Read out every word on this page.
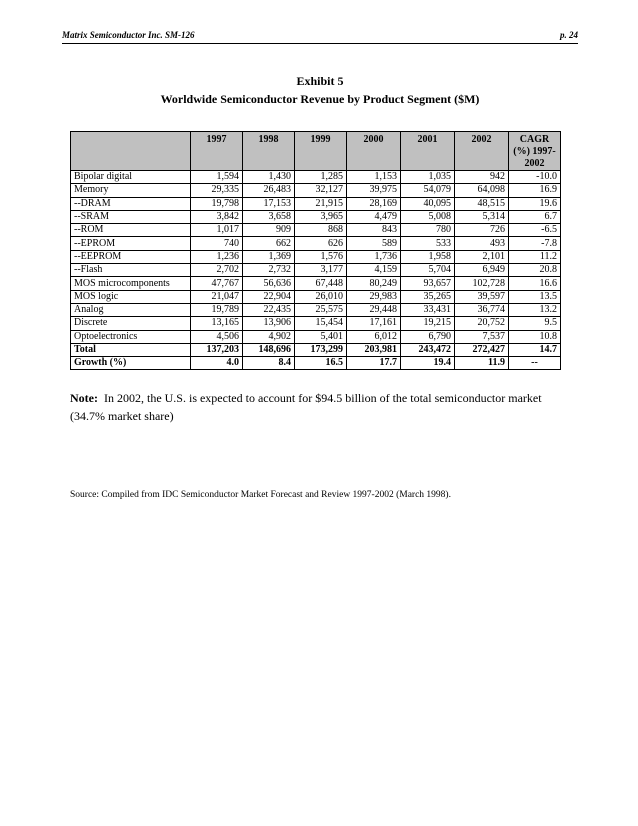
Matrix Semiconductor Inc. SM-126	p. 24
Exhibit 5
Worldwide Semiconductor Revenue by Product Segment ($M)
	1997	1998	1999	2000	2001	2002	CAGR (%) 1997-2002
Bipolar digital	1,594	1,430	1,285	1,153	1,035	942	-10.0
Memory	29,335	26,483	32,127	39,975	54,079	64,098	16.9
--DRAM	19,798	17,153	21,915	28,169	40,095	48,515	19.6
--SRAM	3,842	3,658	3,965	4,479	5,008	5,314	6.7
--ROM	1,017	909	868	843	780	726	-6.5
--EPROM	740	662	626	589	533	493	-7.8
--EEPROM	1,236	1,369	1,576	1,736	1,958	2,101	11.2
--Flash	2,702	2,732	3,177	4,159	5,704	6,949	20.8
MOS microcomponents	47,767	56,636	67,448	80,249	93,657	102,728	16.6
MOS logic	21,047	22,904	26,010	29,983	35,265	39,597	13.5
Analog	19,789	22,435	25,575	29,448	33,431	36,774	13.2
Discrete	13,165	13,906	15,454	17,161	19,215	20,752	9.5
Optoelectronics	4,506	4,902	5,401	6,012	6,790	7,537	10.8
Total	137,203	148,696	173,299	203,981	243,472	272,427	14.7
Growth (%)	4.0	8.4	16.5	17.7	19.4	11.9	--
Note: In 2002, the U.S. is expected to account for $94.5 billion of the total semiconductor market (34.7% market share)
Source: Compiled from IDC Semiconductor Market Forecast and Review 1997-2002 (March 1998).
